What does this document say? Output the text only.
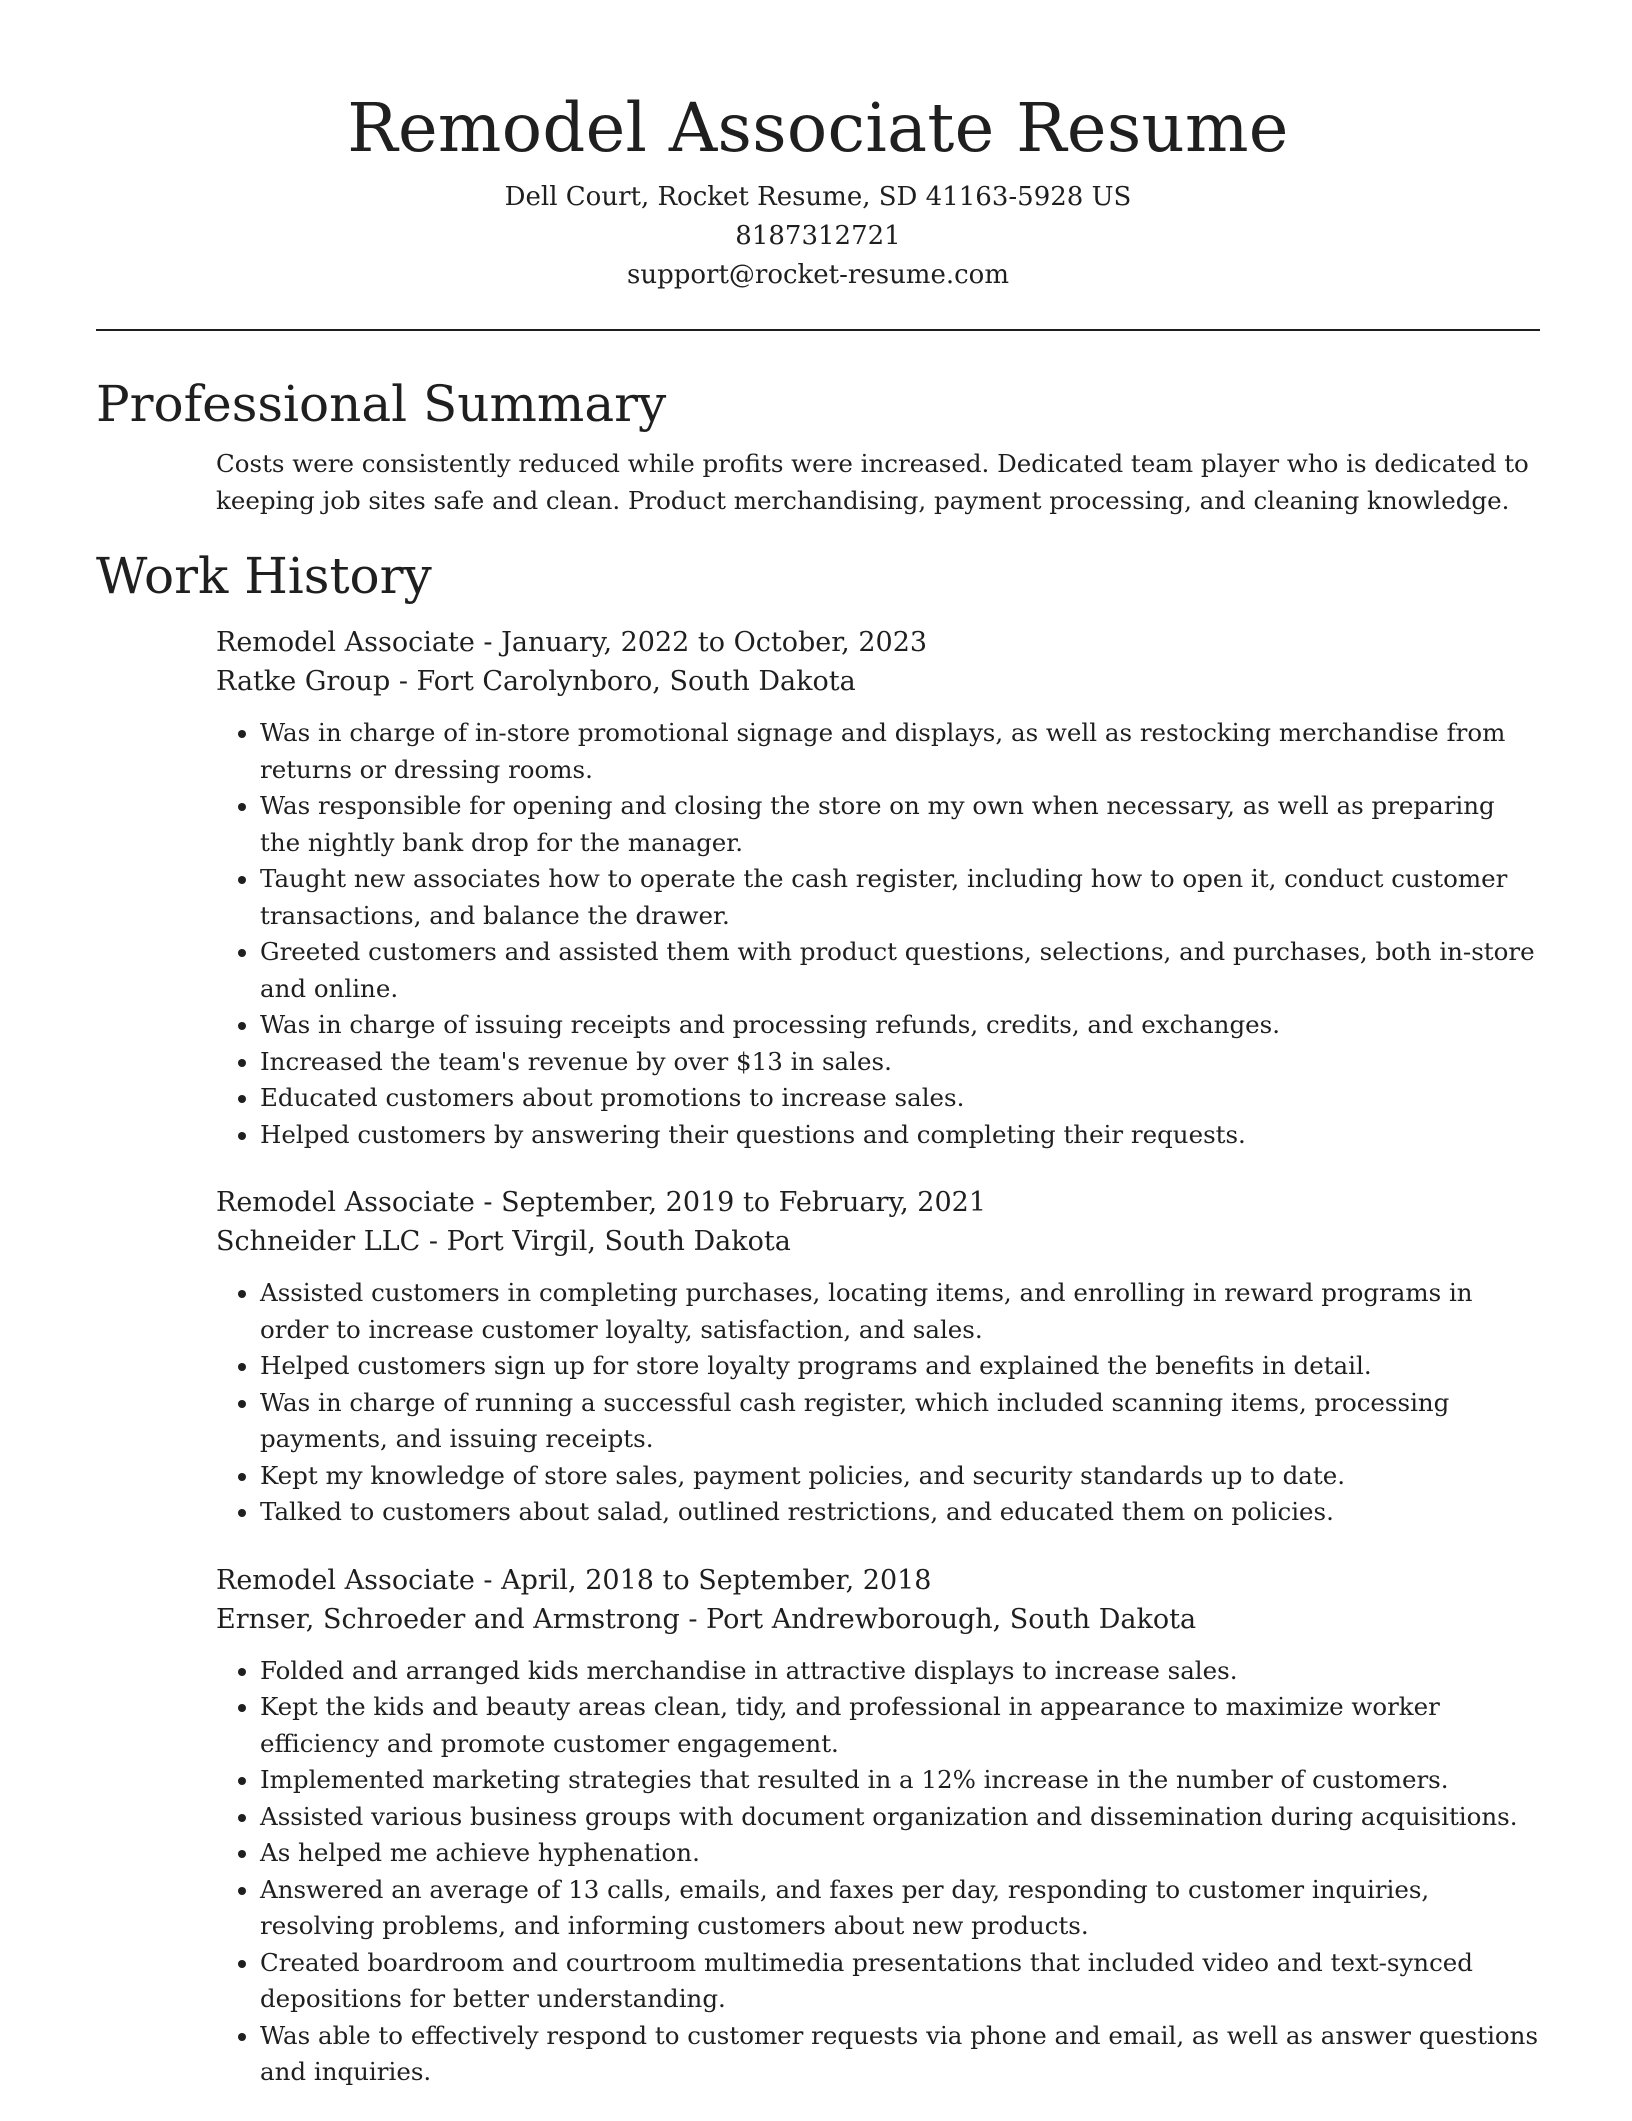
Remodel Associate Resume
Dell Court, Rocket Resume, SD 41163-5928 US
8187312721
support@rocket-resume.com
Professional Summary
Costs were consistently reduced while profits were increased. Dedicated team player who is dedicated to keeping job sites safe and clean. Product merchandising, payment processing, and cleaning knowledge.
Work History
Remodel Associate - January, 2022 to October, 2023
Ratke Group - Fort Carolynboro, South Dakota
• Was in charge of in-store promotional signage and displays, as well as restocking merchandise from returns or dressing rooms.
• Was responsible for opening and closing the store on my own when necessary, as well as preparing the nightly bank drop for the manager.
• Taught new associates how to operate the cash register, including how to open it, conduct customer transactions, and balance the drawer.
• Greeted customers and assisted them with product questions, selections, and purchases, both in-store and online.
• Was in charge of issuing receipts and processing refunds, credits, and exchanges.
• Increased the team's revenue by over $13 in sales.
• Educated customers about promotions to increase sales.
• Helped customers by answering their questions and completing their requests.
Remodel Associate - September, 2019 to February, 2021
Schneider LLC - Port Virgil, South Dakota
• Assisted customers in completing purchases, locating items, and enrolling in reward programs in order to increase customer loyalty, satisfaction, and sales.
• Helped customers sign up for store loyalty programs and explained the benefits in detail.
• Was in charge of running a successful cash register, which included scanning items, processing payments, and issuing receipts.
• Kept my knowledge of store sales, payment policies, and security standards up to date.
• Talked to customers about salad, outlined restrictions, and educated them on policies.
Remodel Associate - April, 2018 to September, 2018
Ernser, Schroeder and Armstrong - Port Andrewborough, South Dakota
• Folded and arranged kids merchandise in attractive displays to increase sales.
• Kept the kids and beauty areas clean, tidy, and professional in appearance to maximize worker efficiency and promote customer engagement.
• Implemented marketing strategies that resulted in a 12% increase in the number of customers.
• Assisted various business groups with document organization and dissemination during acquisitions.
• As helped me achieve hyphenation.
• Answered an average of 13 calls, emails, and faxes per day, responding to customer inquiries, resolving problems, and informing customers about new products.
• Created boardroom and courtroom multimedia presentations that included video and text-synced depositions for better understanding.
• Was able to effectively respond to customer requests via phone and email, as well as answer questions and inquiries.
